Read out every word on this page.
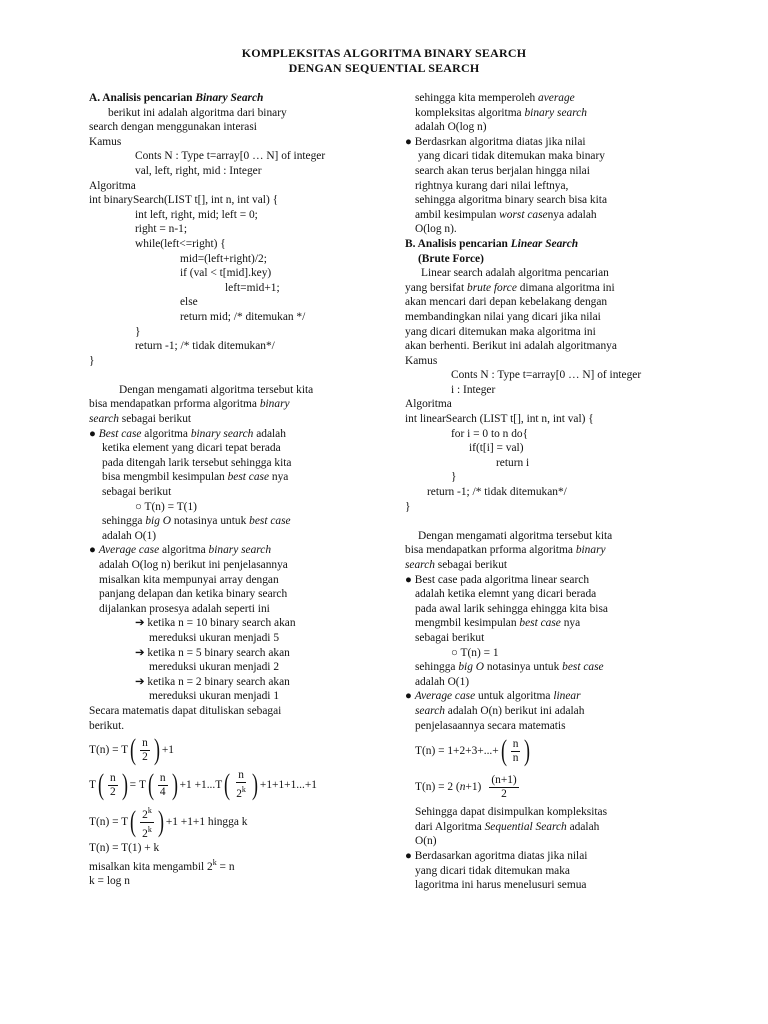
KOMPLEKSITAS ALGORITMA BINARY SEARCH
DENGAN SEQUENTIAL SEARCH
A. Analisis pencarian Binary Search
berikut ini adalah algoritma dari binary
search dengan menggunakan interasi
Kamus
Conts N : Type t=array[0 … N] of integer
val, left, right, mid : Integer
Algoritma
int binarySearch(LIST t[], int n, int val) {
int left, right, mid; left = 0;
right = n-1;
while(left<=right) {
mid=(left+right)/2;
if (val < t[mid].key)
left=mid+1;
else
return mid; /* ditemukan */
}
return -1; /* tidak ditemukan*/
}
Dengan mengamati algoritma tersebut kita
bisa mendapatkan prforma algoritma binary
search sebagai berikut
● Best case algoritma binary search adalah
ketika element yang dicari tepat berada
pada ditengah larik tersebut sehingga kita
bisa mengmbil kesimpulan best case nya
sebagai berikut
○ T(n) = T(1)
sehingga big O notasinya untuk best case
adalah O(1)
● Average case algoritma binary search
adalah O(log n) berikut ini penjelasannya
misalkan kita mempunyai array dengan
panjang delapan dan ketika binary search
dijalankan prosesya adalah seperti ini
➔ ketika n = 10 binary search akan
mereduksi ukuran menjadi 5
➔ ketika n = 5 binary search akan
mereduksi ukuran menjadi 2
➔ ketika n = 2 binary search akan
mereduksi ukuran menjadi 1
Secara matematis dapat dituliskan sebagai
berikut.
T(n) = T ( $\frac{n}{2}$ ) +1
T ( $\frac{n}{2}$ ) = T ( $\frac{n}{4}$ ) +1 +1...T ( $\frac{n}{2^k}$ ) +1+1+1...+1
T(n) = T ( $\frac{2^k}{2^k}$ ) +1 +1+1 hingga k
T(n) = T(1) + k
misalkan kita mengambil $2^k = n$
k = log n
sehingga kita memperoleh average
kompleksitas algoritma binary search
adalah O(log n)
● Berdasrkan algoritma diatas jika nilai
yang dicari tidak ditemukan maka binary
search akan terus berjalan hingga nilai
rightnya kurang dari nilai leftnya,
sehingga algoritma binary search bisa kita
ambil kesimpulan worst casenya adalah
O(log n).
B. Analisis pencarian Linear Search
(Brute Force)
Linear search adalah algoritma pencarian
yang bersifat brute force dimana algoritma ini
akan mencari dari depan kebelakang dengan
membandingkan nilai yang dicari jika nilai
yang dicari ditemukan maka algoritma ini
akan berhenti. Berikut ini adalah algoritmanya
Kamus
Conts N : Type t=array[0 … N] of integer
i : Integer
Algoritma
int linearSearch (LIST t[], int n, int val) {
for i = 0 to n do{
if(t[i] = val)
return i
}
return -1; /* tidak ditemukan*/
}
Dengan mengamati algoritma tersebut kita
bisa mendapatkan prforma algoritma binary
search sebagai berikut
● Best case pada algoritma linear search
adalah ketika elemnt yang dicari berada
pada awal larik sehingga ehingga kita bisa
mengmbil kesimpulan best case nya
sebagai berikut
○ T(n) = 1
sehingga big O notasinya untuk best case
adalah O(1)
● Average case untuk algoritma linear
search adalah O(n) berikut ini adalah
penjelasaannya secara matematis
T(n) = 1+2+3+...+ ( $\frac{n}{n}$ )
T(n) = 2 ( $n +1) \frac{(n+1)}{2}$
Sehingga dapat disimpulkan kompleksitas
dari Algoritma Sequential Search adalah
O(n)
● Berdasarkan agoritma diatas jika nilai
yang dicari tidak ditemukan maka
lagoritma ini harus menelusuri semua
